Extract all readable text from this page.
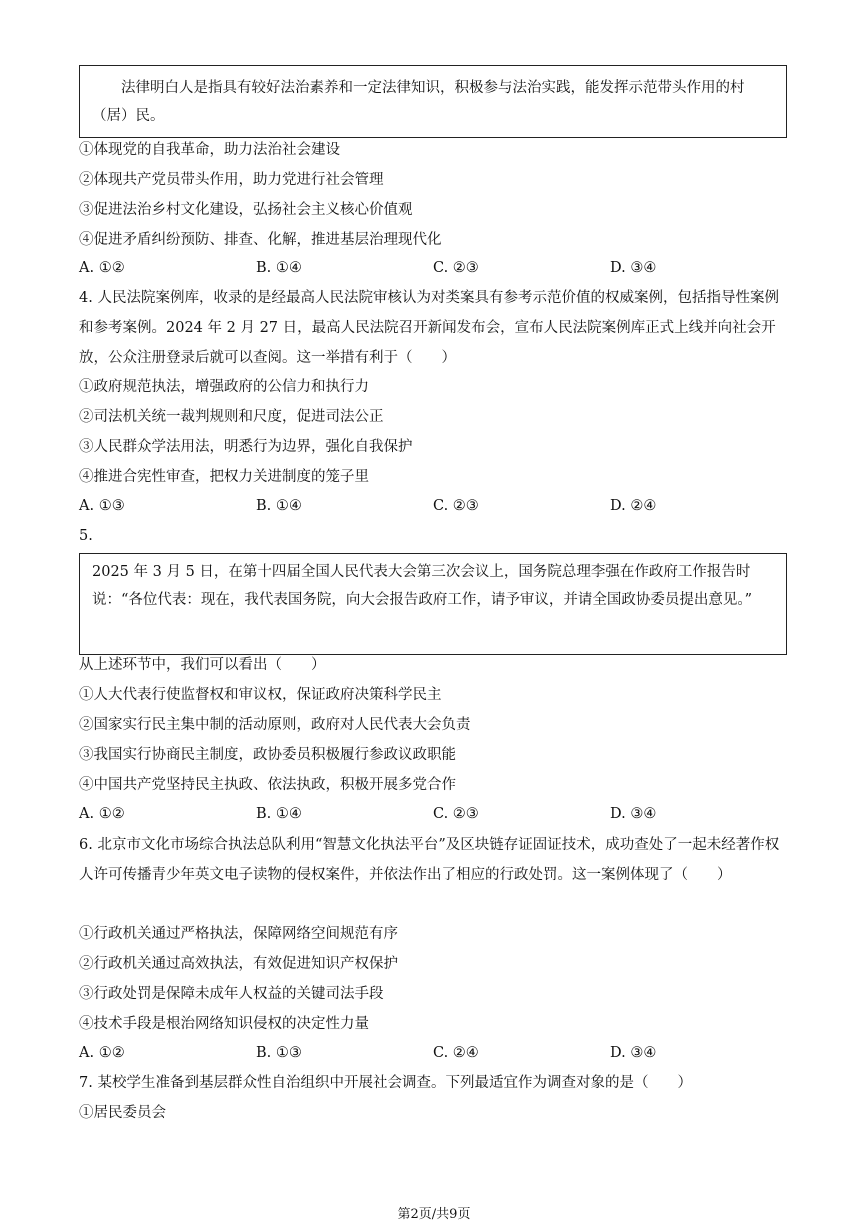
法律明白人是指具有较好法治素养和一定法律知识，积极参与法治实践，能发挥示范带头作用的村（居）民。

①体现党的自我革命，助力法治社会建设
②体现共产党员带头作用，助力党进行社会管理
③促进法治乡村文化建设，弘扬社会主义核心价值观
④促进矛盾纠纷预防、排查、化解，推进基层治理现代化
A. ①②	B. ①④	C. ②③	D. ③④

4. 人民法院案例库，收录的是经最高人民法院审核认为对类案具有参考示范价值的权威案例，包括指导性案例和参考案例。2024 年 2 月 27 日，最高人民法院召开新闻发布会，宣布人民法院案例库正式上线并向社会开放，公众注册登录后就可以查阅。这一举措有利于（　　）

①政府规范执法，增强政府的公信力和执行力
②司法机关统一裁判规则和尺度，促进司法公正
③人民群众学法用法，明悉行为边界，强化自我保护
④推进合宪性审查，把权力关进制度的笼子里
A. ①③	B. ①④	C. ②③	D. ②④
5.

2025 年 3 月 5 日，在第十四届全国人民代表大会第三次会议上，国务院总理李强在作政府工作报告时说：“各位代表：现在，我代表国务院，向大会报告政府工作，请予审议，并请全国政协委员提出意见。”

从上述环节中，我们可以看出（　　）
①人大代表行使监督权和审议权，保证政府决策科学民主
②国家实行民主集中制的活动原则，政府对人民代表大会负责
③我国实行协商民主制度，政协委员积极履行参政议政职能
④中国共产党坚持民主执政、依法执政，积极开展多党合作
A. ①②	B. ①④	C. ②③	D. ③④

6. 北京市文化市场综合执法总队利用“智慧文化执法平台”及区块链存证固证技术，成功查处了一起未经著作权人许可传播青少年英文电子读物的侵权案件，并依法作出了相应的行政处罚。这一案例体现了（　　）

①行政机关通过严格执法，保障网络空间规范有序
②行政机关通过高效执法，有效促进知识产权保护
③行政处罚是保障未成年人权益的关键司法手段
④技术手段是根治网络知识侵权的决定性力量
A. ①②	B. ①③	C. ②④	D. ③④
7. 某校学生准备到基层群众性自治组织中开展社会调查。下列最适宜作为调查对象的是（　　）
①居民委员会
第2页/共9页
